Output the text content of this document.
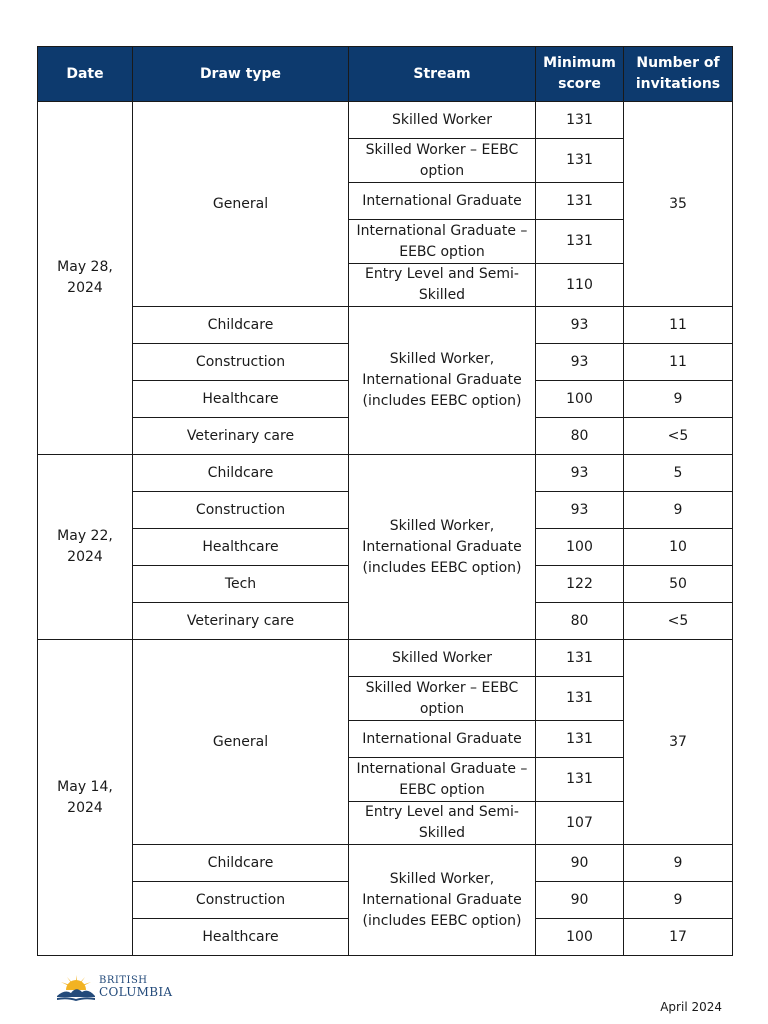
Date	Draw type	Stream	Minimum score	Number of invitations
May 28, 2024	General	Skilled Worker	131	35
		Skilled Worker – EEBC option	131	
		International Graduate	131	
		International Graduate – EEBC option	131	
		Entry Level and Semi-Skilled	110	
	Childcare	Skilled Worker, International Graduate (includes EEBC option)	93	11
	Construction		93	11
	Healthcare		100	9
	Veterinary care		80	<5
May 22, 2024	Childcare	Skilled Worker, International Graduate (includes EEBC option)	93	5
	Construction		93	9
	Healthcare		100	10
	Tech		122	50
	Veterinary care		80	<5
May 14, 2024	General	Skilled Worker	131	37
		Skilled Worker – EEBC option	131	
		International Graduate	131	
		International Graduate – EEBC option	131	
		Entry Level and Semi-Skilled	107	
	Childcare	Skilled Worker, International Graduate (includes EEBC option)	90	9
	Construction		90	9
	Healthcare		100	17
BRITISH
COLUMBIA
April 2024
